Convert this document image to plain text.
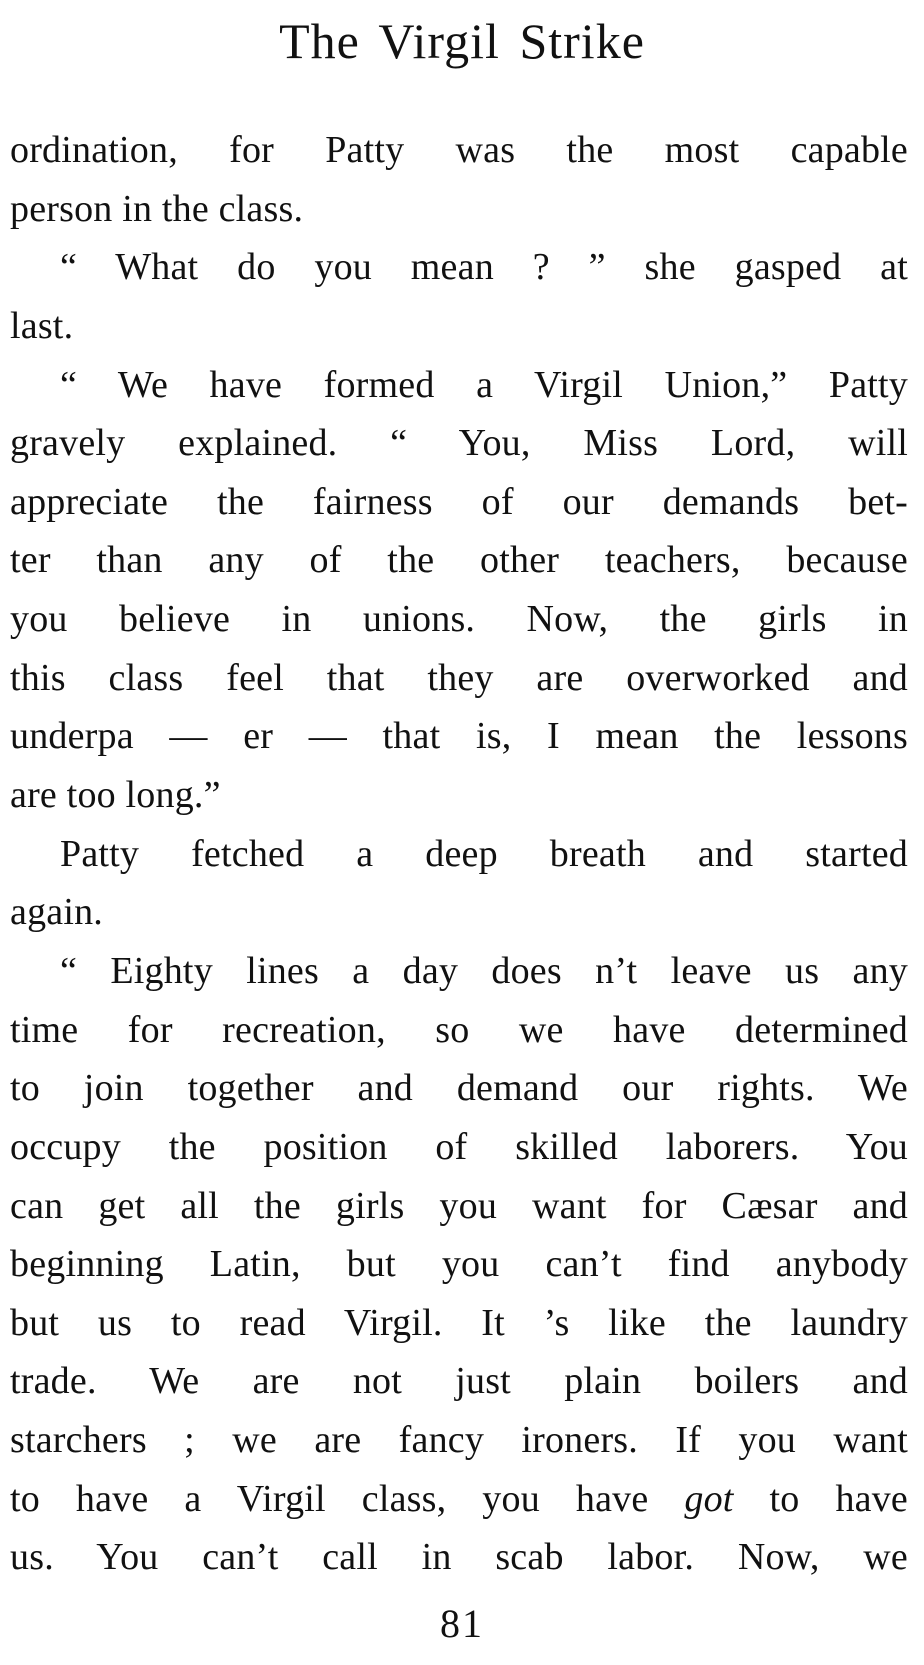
The Virgil Strike
ordination, for Patty was the most capable
person in the class.
“ What do you mean ? ” she gasped at
last.
“ We have formed a Virgil Union,” Patty
gravely explained. “ You, Miss Lord, will
appreciate the fairness of our demands bet-
ter than any of the other teachers, because
you believe in unions. Now, the girls in
this class feel that they are overworked and
underpa — er — that is, I mean the lessons
are too long.”
Patty fetched a deep breath and started
again.
“ Eighty lines a day does n’t leave us any
time for recreation, so we have determined
to join together and demand our rights. We
occupy the position of skilled laborers. You
can get all the girls you want for Cæsar and
beginning Latin, but you can’t find anybody
but us to read Virgil. It ’s like the laundry
trade. We are not just plain boilers and
starchers ; we are fancy ironers. If you want
to have a Virgil class, you have got to have
us. You can’t call in scab labor. Now, we
81
